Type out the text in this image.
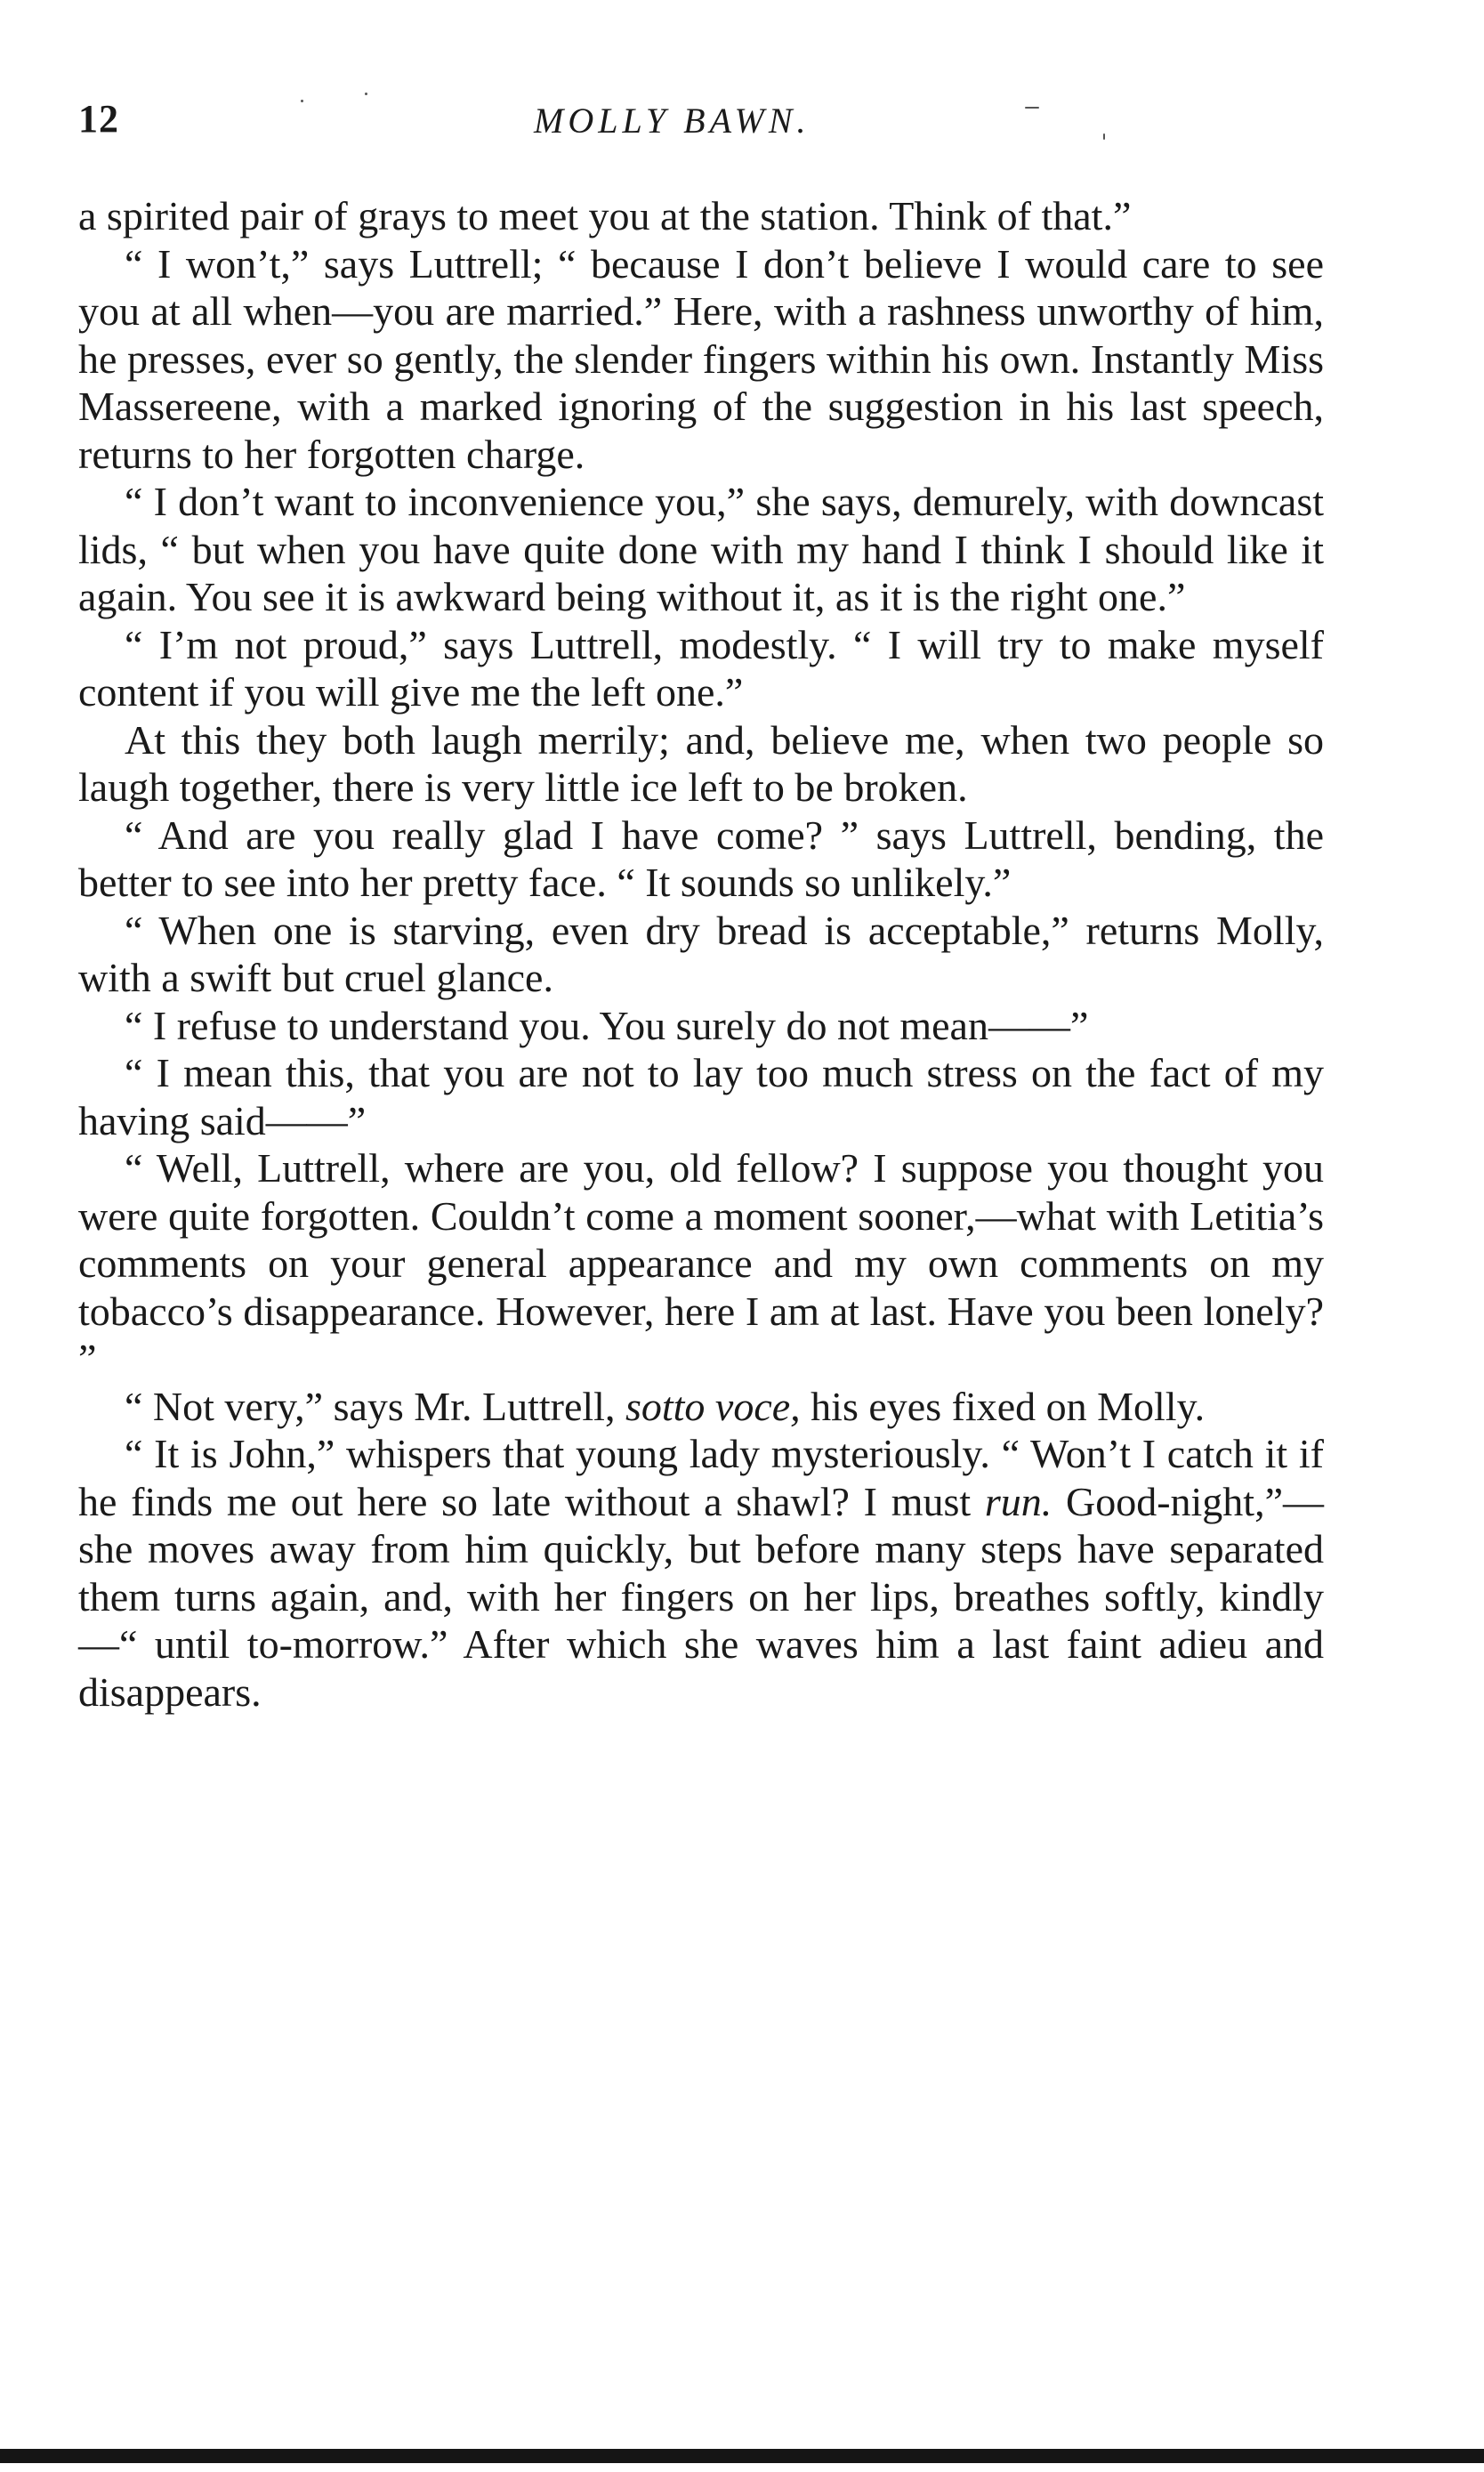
12	MOLLY BAWN.

a spirited pair of grays to meet you at the station. Think of that.”

“ I won’t,” says Luttrell; “ because I don’t believe I would care to see you at all when—you are married.” Here, with a rashness unworthy of him, he presses, ever so gently, the slender fingers within his own. Instantly Miss Massereene, with a marked ignoring of the suggestion in his last speech, returns to her forgotten charge.

“ I don’t want to inconvenience you,” she says, demurely, with downcast lids, “ but when you have quite done with my hand I think I should like it again. You see it is awkward being without it, as it is the right one.”

“ I’m not proud,” says Luttrell, modestly. “ I will try to make myself content if you will give me the left one.”

At this they both laugh merrily; and, believe me, when two people so laugh together, there is very little ice left to be broken.

“ And are you really glad I have come? ” says Luttrell, bending, the better to see into her pretty face. “ It sounds so unlikely.”

“ When one is starving, even dry bread is acceptable,” returns Molly, with a swift but cruel glance.

“ I refuse to understand you. You surely do not mean——”

“ I mean this, that you are not to lay too much stress on the fact of my having said——”

“ Well, Luttrell, where are you, old fellow? I suppose you thought you were quite forgotten. Couldn’t come a moment sooner,—what with Letitia’s comments on your general appearance and my own comments on my tobacco’s disappearance. However, here I am at last. Have you been lonely? ”

“ Not very,” says Mr. Luttrell, sotto voce, his eyes fixed on Molly.

“ It is John,” whispers that young lady mysteriously. “ Won’t I catch it if he finds me out here so late without a shawl? I must run. Good-night,”—she moves away from him quickly, but before many steps have separated them turns again, and, with her fingers on her lips, breathes softly, kindly—“ until to-morrow.” After which she waves him a last faint adieu and disappears.
